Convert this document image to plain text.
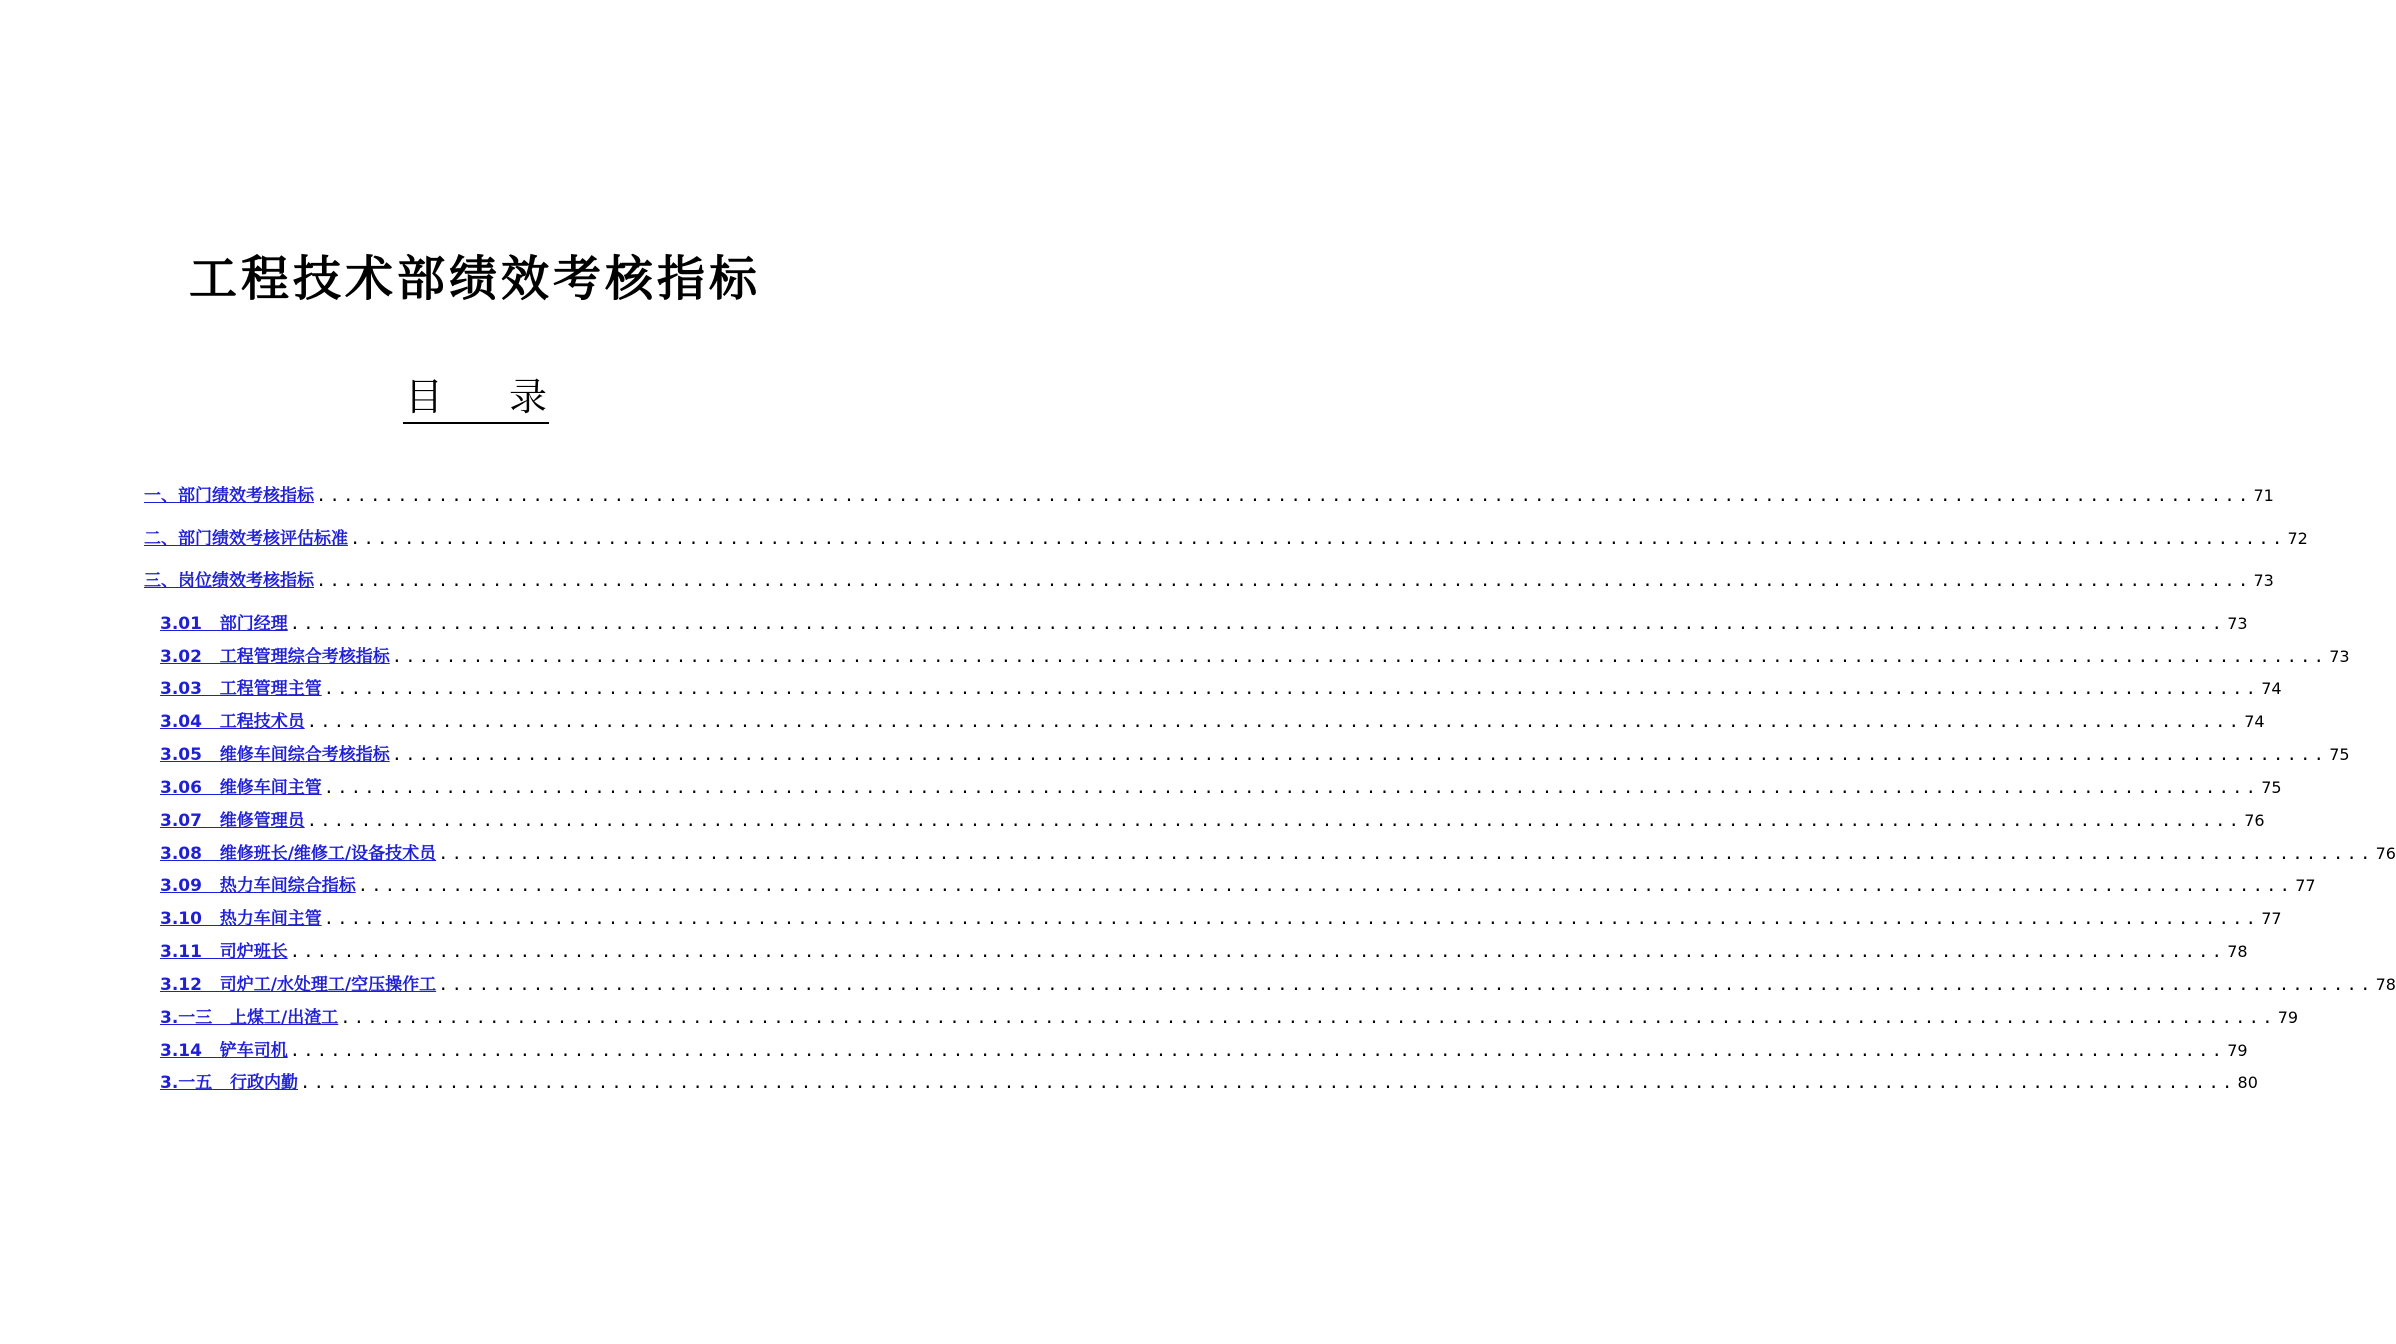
工程技术部绩效考核指标
目 录
一、部门绩效考核指标 ............................................................................................................................................... 71
二、部门绩效考核评估标准 ............................................................................................................................................... 72
三、岗位绩效考核指标 ............................................................................................................................................... 73
3.01   部门经理 ............................................................................................................................................... 73
3.02   工程管理综合考核指标 ............................................................................................................................................... 73
3.03   工程管理主管 ............................................................................................................................................... 74
3.04   工程技术员 ............................................................................................................................................... 74
3.05   维修车间综合考核指标 ............................................................................................................................................... 75
3.06   维修车间主管 ............................................................................................................................................... 75
3.07   维修管理员 ............................................................................................................................................... 76
3.08   维修班长/维修工/设备技术员 ............................................................................................................................................... 76
3.09   热力车间综合指标 ............................................................................................................................................... 77
3.10   热力车间主管 ............................................................................................................................................... 77
3.11   司炉班长 ............................................................................................................................................... 78
3.12   司炉工/水处理工/空压操作工 ............................................................................................................................................... 78
3.一三   上煤工/出渣工 ............................................................................................................................................... 79
3.14   铲车司机 ............................................................................................................................................... 79
3.一五   行政内勤 ............................................................................................................................................... 80
